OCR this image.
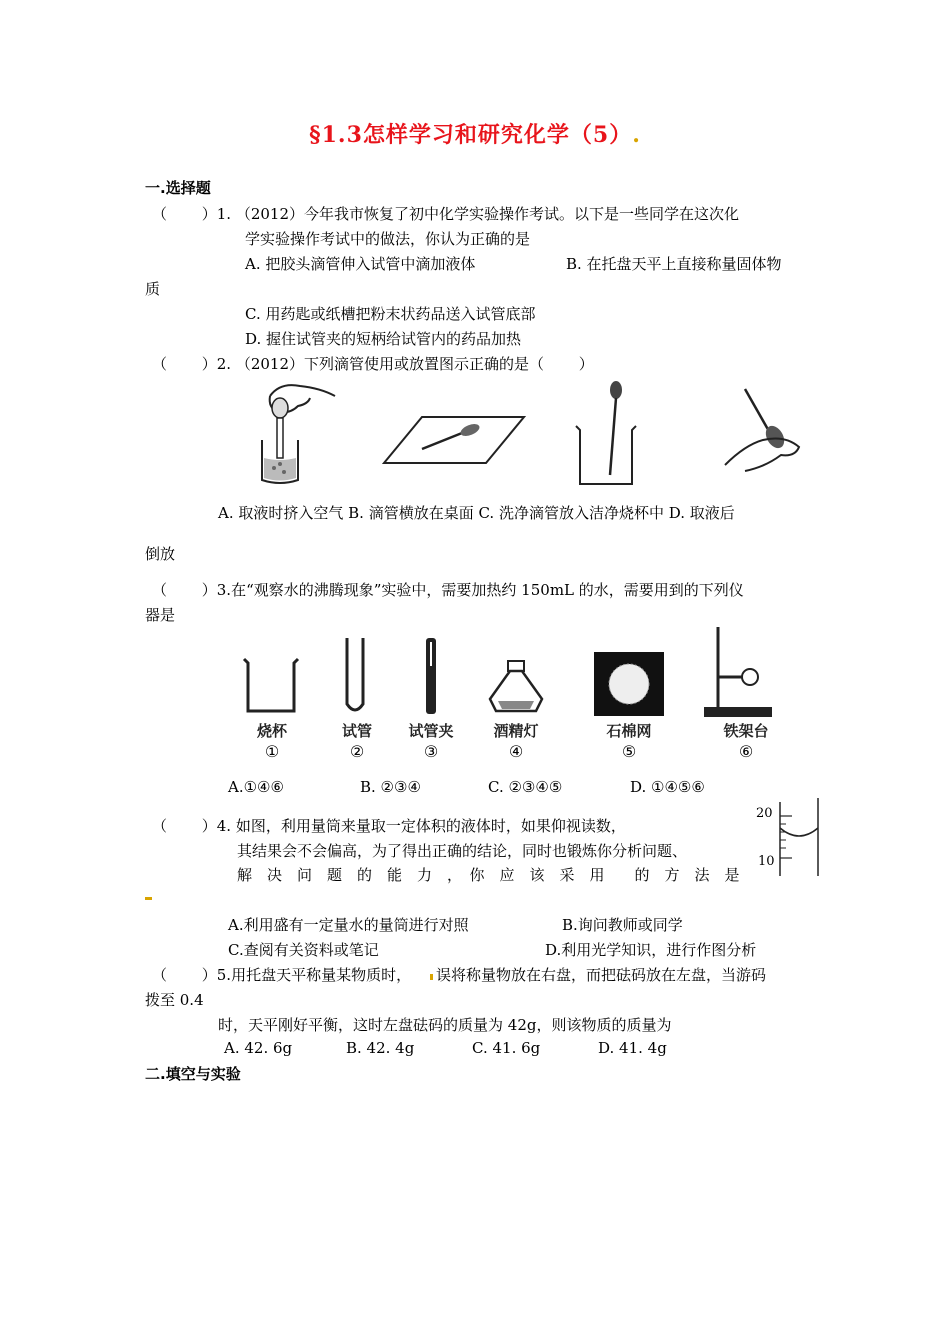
§1.3怎样学习和研究化学（5）.
一.选择题
（　　 ）1. （2012）今年我市恢复了初中化学实验操作考试。以下是一些同学在这次化
学实验操作考试中的做法，你认为正确的是
A. 把胶头滴管伸入试管中滴加液体	B. 在托盘天平上直接称量固体物
质
C. 用药匙或纸槽把粉末状药品送入试管底部
D. 握住试管夹的短柄给试管内的药品加热
（　　 ）2. （2012）下列滴管使用或放置图示正确的是（　　 ）
A. 取液时挤入空气 B. 滴管横放在桌面 C. 洗净滴管放入洁净烧杯中 D. 取液后
倒放
（　　 ）3.在“观察水的沸腾现象”实验中，需要加热约 150mL 的水，需要用到的下列仪
器是
烧杯	试管	试管夹	酒精灯	石棉网	铁架台
①	②	③	④	⑤	⑥
A.①④⑥	B. ②③④	C. ②③④⑤	D. ①④⑤⑥
（　　 ）4. 如图，利用量筒来量取一定体积的液体时，如果仰视读数，
其结果会不会偏高，为了得出正确的结论，同时也锻炼你分析问题、
解　决　问　题　的　能　力　，　你　应　该　采　用　　的　方　法　是
20
10
A.利用盛有一定量水的量筒进行对照	B.询问教师或同学
C.查阅有关资料或笔记	D.利用光学知识，进行作图分析
（　　 ）5.用托盘天平称量某物质时， 误将称量物放在右盘，而把砝码放在左盘，当游码
拨至 0.4
时，天平刚好平衡，这时左盘砝码的质量为 42g，则该物质的质量为
A. 42. 6g	B. 42. 4g	C. 41. 6g	D. 41. 4g
二.填空与实验
